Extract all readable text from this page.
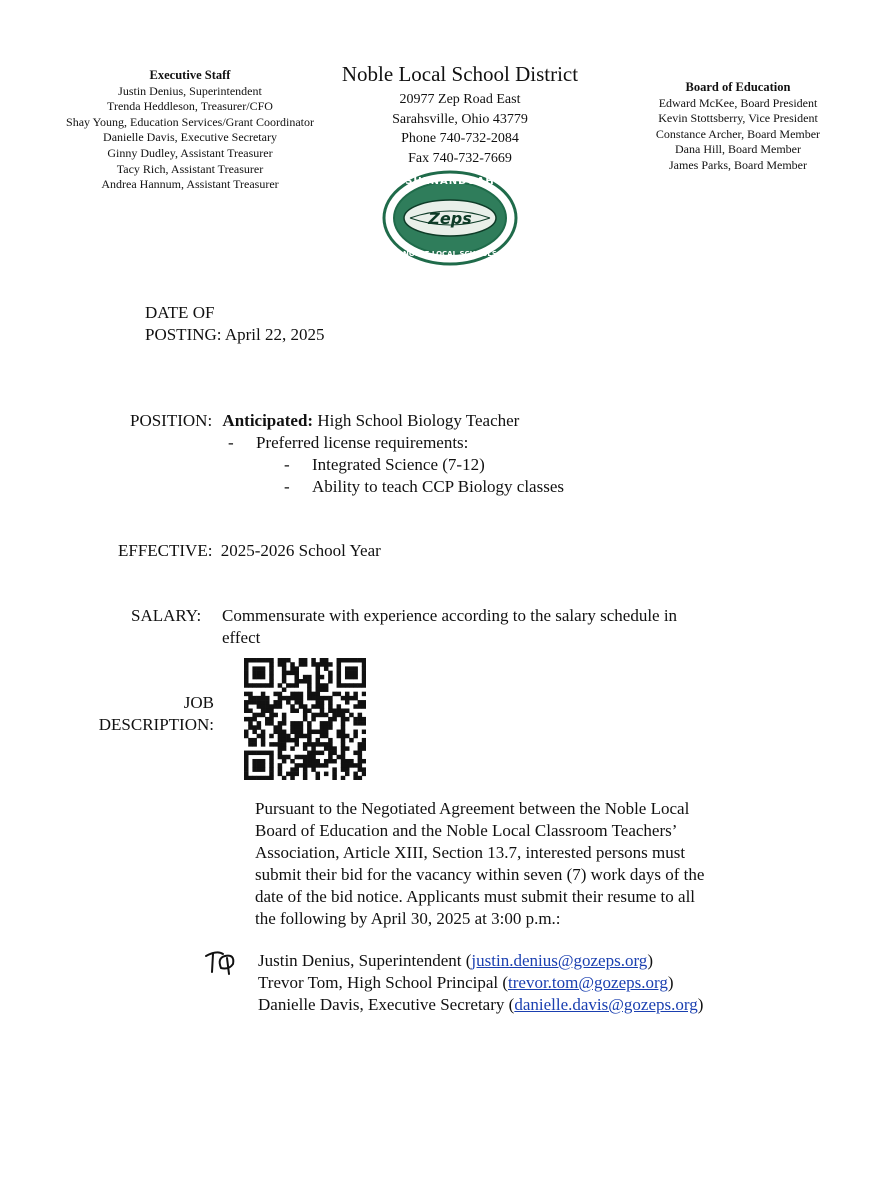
Executive Staff
Justin Denius, Superintendent
Trenda Heddleson, Treasurer/CFO
Shay Young, Education Services/Grant Coordinator
Danielle Davis, Executive Secretary
Ginny Dudley, Assistant Treasurer
Tacy Rich, Assistant Treasurer
Andrea Hannum, Assistant Treasurer
Noble Local School District
20977 Zep Road East
Sarahsville, Ohio 43779
Phone 740-732-2084
Fax 740-732-7669
Zeps
SHENANDOAH
NOBLE LOCAL SCHOOLS
Board of Education
Edward McKee, Board President
Kevin Stottsberry, Vice President
Constance Archer, Board Member
Dana Hill, Board Member
James Parks, Board Member
DATE OF
POSTING: April 22, 2025
POSITION: Anticipated: High School Biology Teacher
- Preferred license requirements:
- Integrated Science (7-12)
- Ability to teach CCP Biology classes
EFFECTIVE: 2025-2026 School Year
SALARY: Commensurate with experience according to the salary schedule in
effect
JOB
DESCRIPTION:
Pursuant to the Negotiated Agreement between the Noble Local
Board of Education and the Noble Local Classroom Teachers’
Association, Article XIII, Section 13.7, interested persons must
submit their bid for the vacancy within seven (7) work days of the
date of the bid notice. Applicants must submit their resume to all
the following by April 30, 2025 at 3:00 p.m.:
Justin Denius, Superintendent (justin.denius@gozeps.org)
Trevor Tom, High School Principal (trevor.tom@gozeps.org)
Danielle Davis, Executive Secretary (danielle.davis@gozeps.org)
